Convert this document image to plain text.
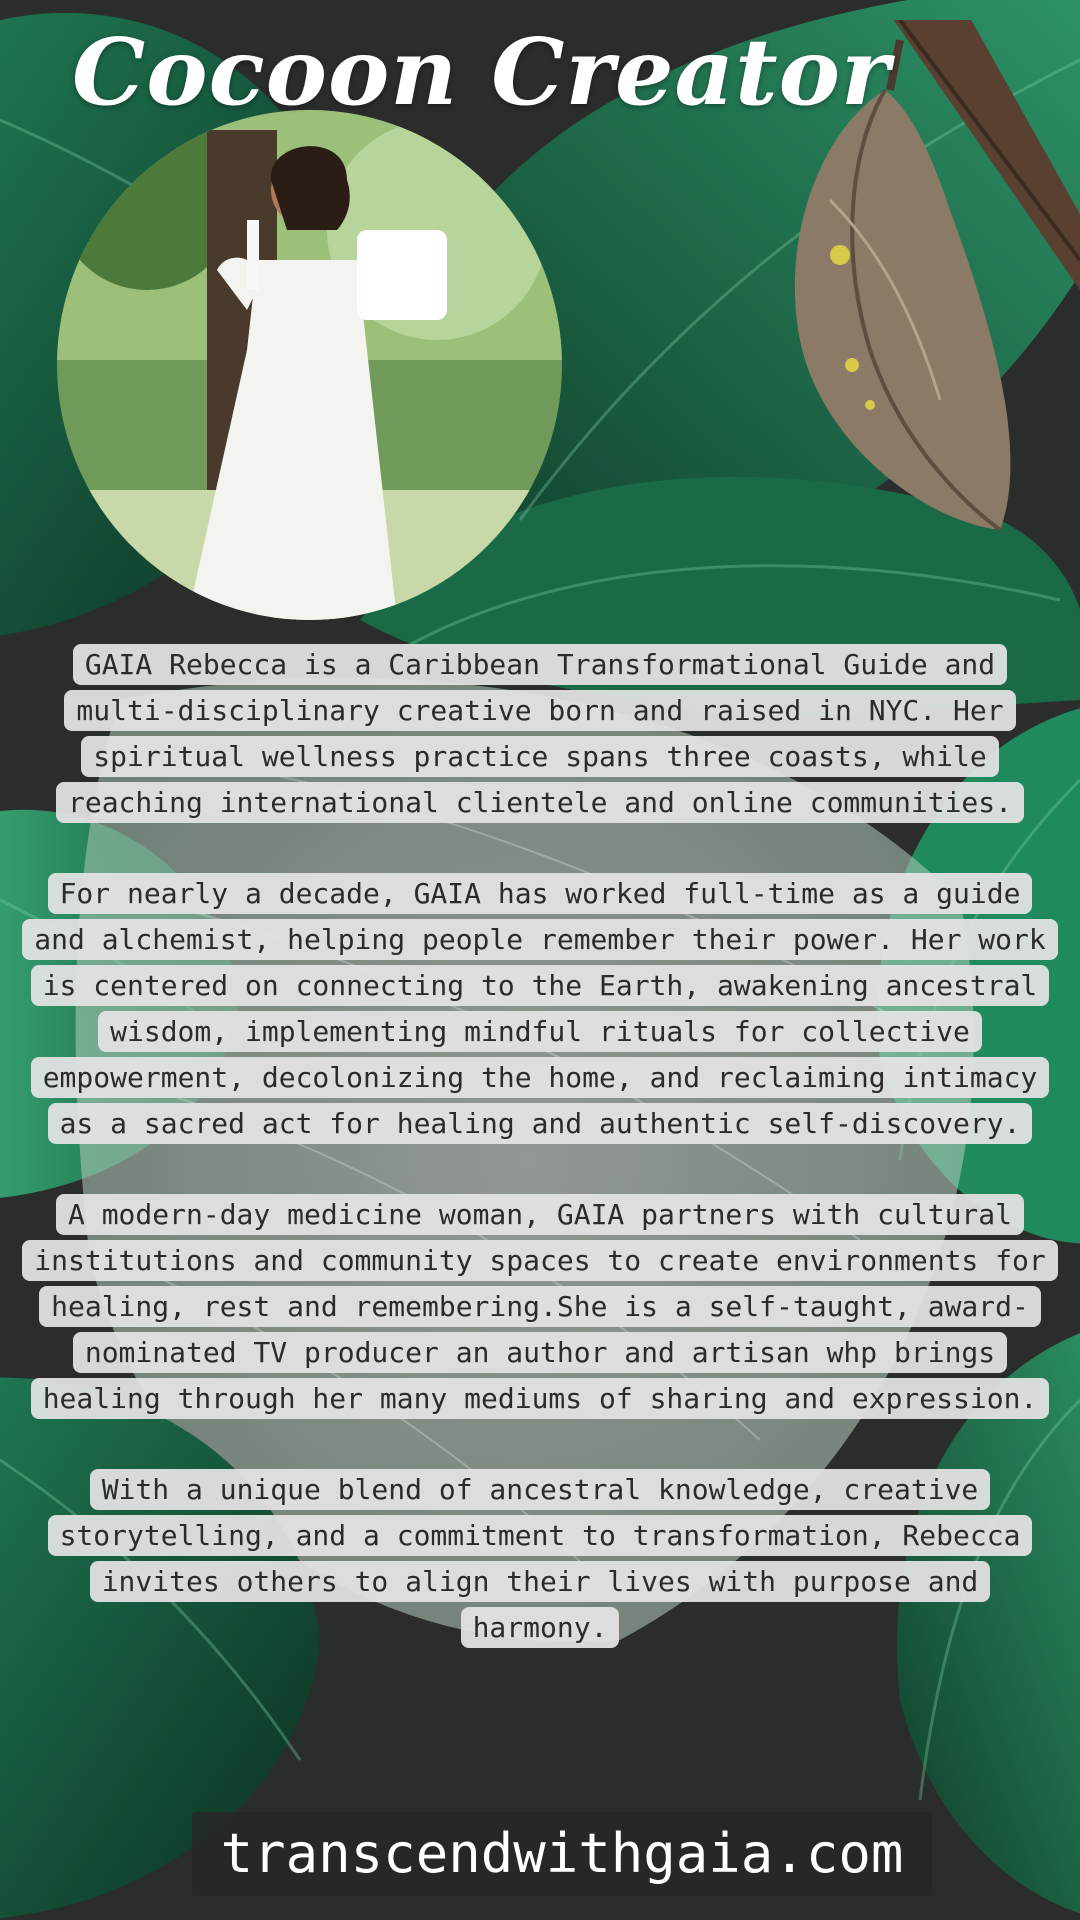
Cocoon Creator

GAIA Rebecca is a Caribbean Transformational Guide and multi-disciplinary creative born and raised in NYC. Her spiritual wellness practice spans three coasts, while reaching international clientele and online communities.

For nearly a decade, GAIA has worked full-time as a guide and alchemist, helping people remember their power. Her work is centered on connecting to the Earth, awakening ancestral wisdom, implementing mindful rituals for collective empowerment, decolonizing the home, and reclaiming intimacy as a sacred act for healing and authentic self-discovery.

A modern-day medicine woman, GAIA partners with cultural institutions and community spaces to create environments for healing, rest and remembering.She is a self-taught, award-nominated TV producer an author and artisan whp brings healing through her many mediums of sharing and expression.

With a unique blend of ancestral knowledge, creative storytelling, and a commitment to transformation, Rebecca invites others to align their lives with purpose and harmony.

transcendwithgaia.com
